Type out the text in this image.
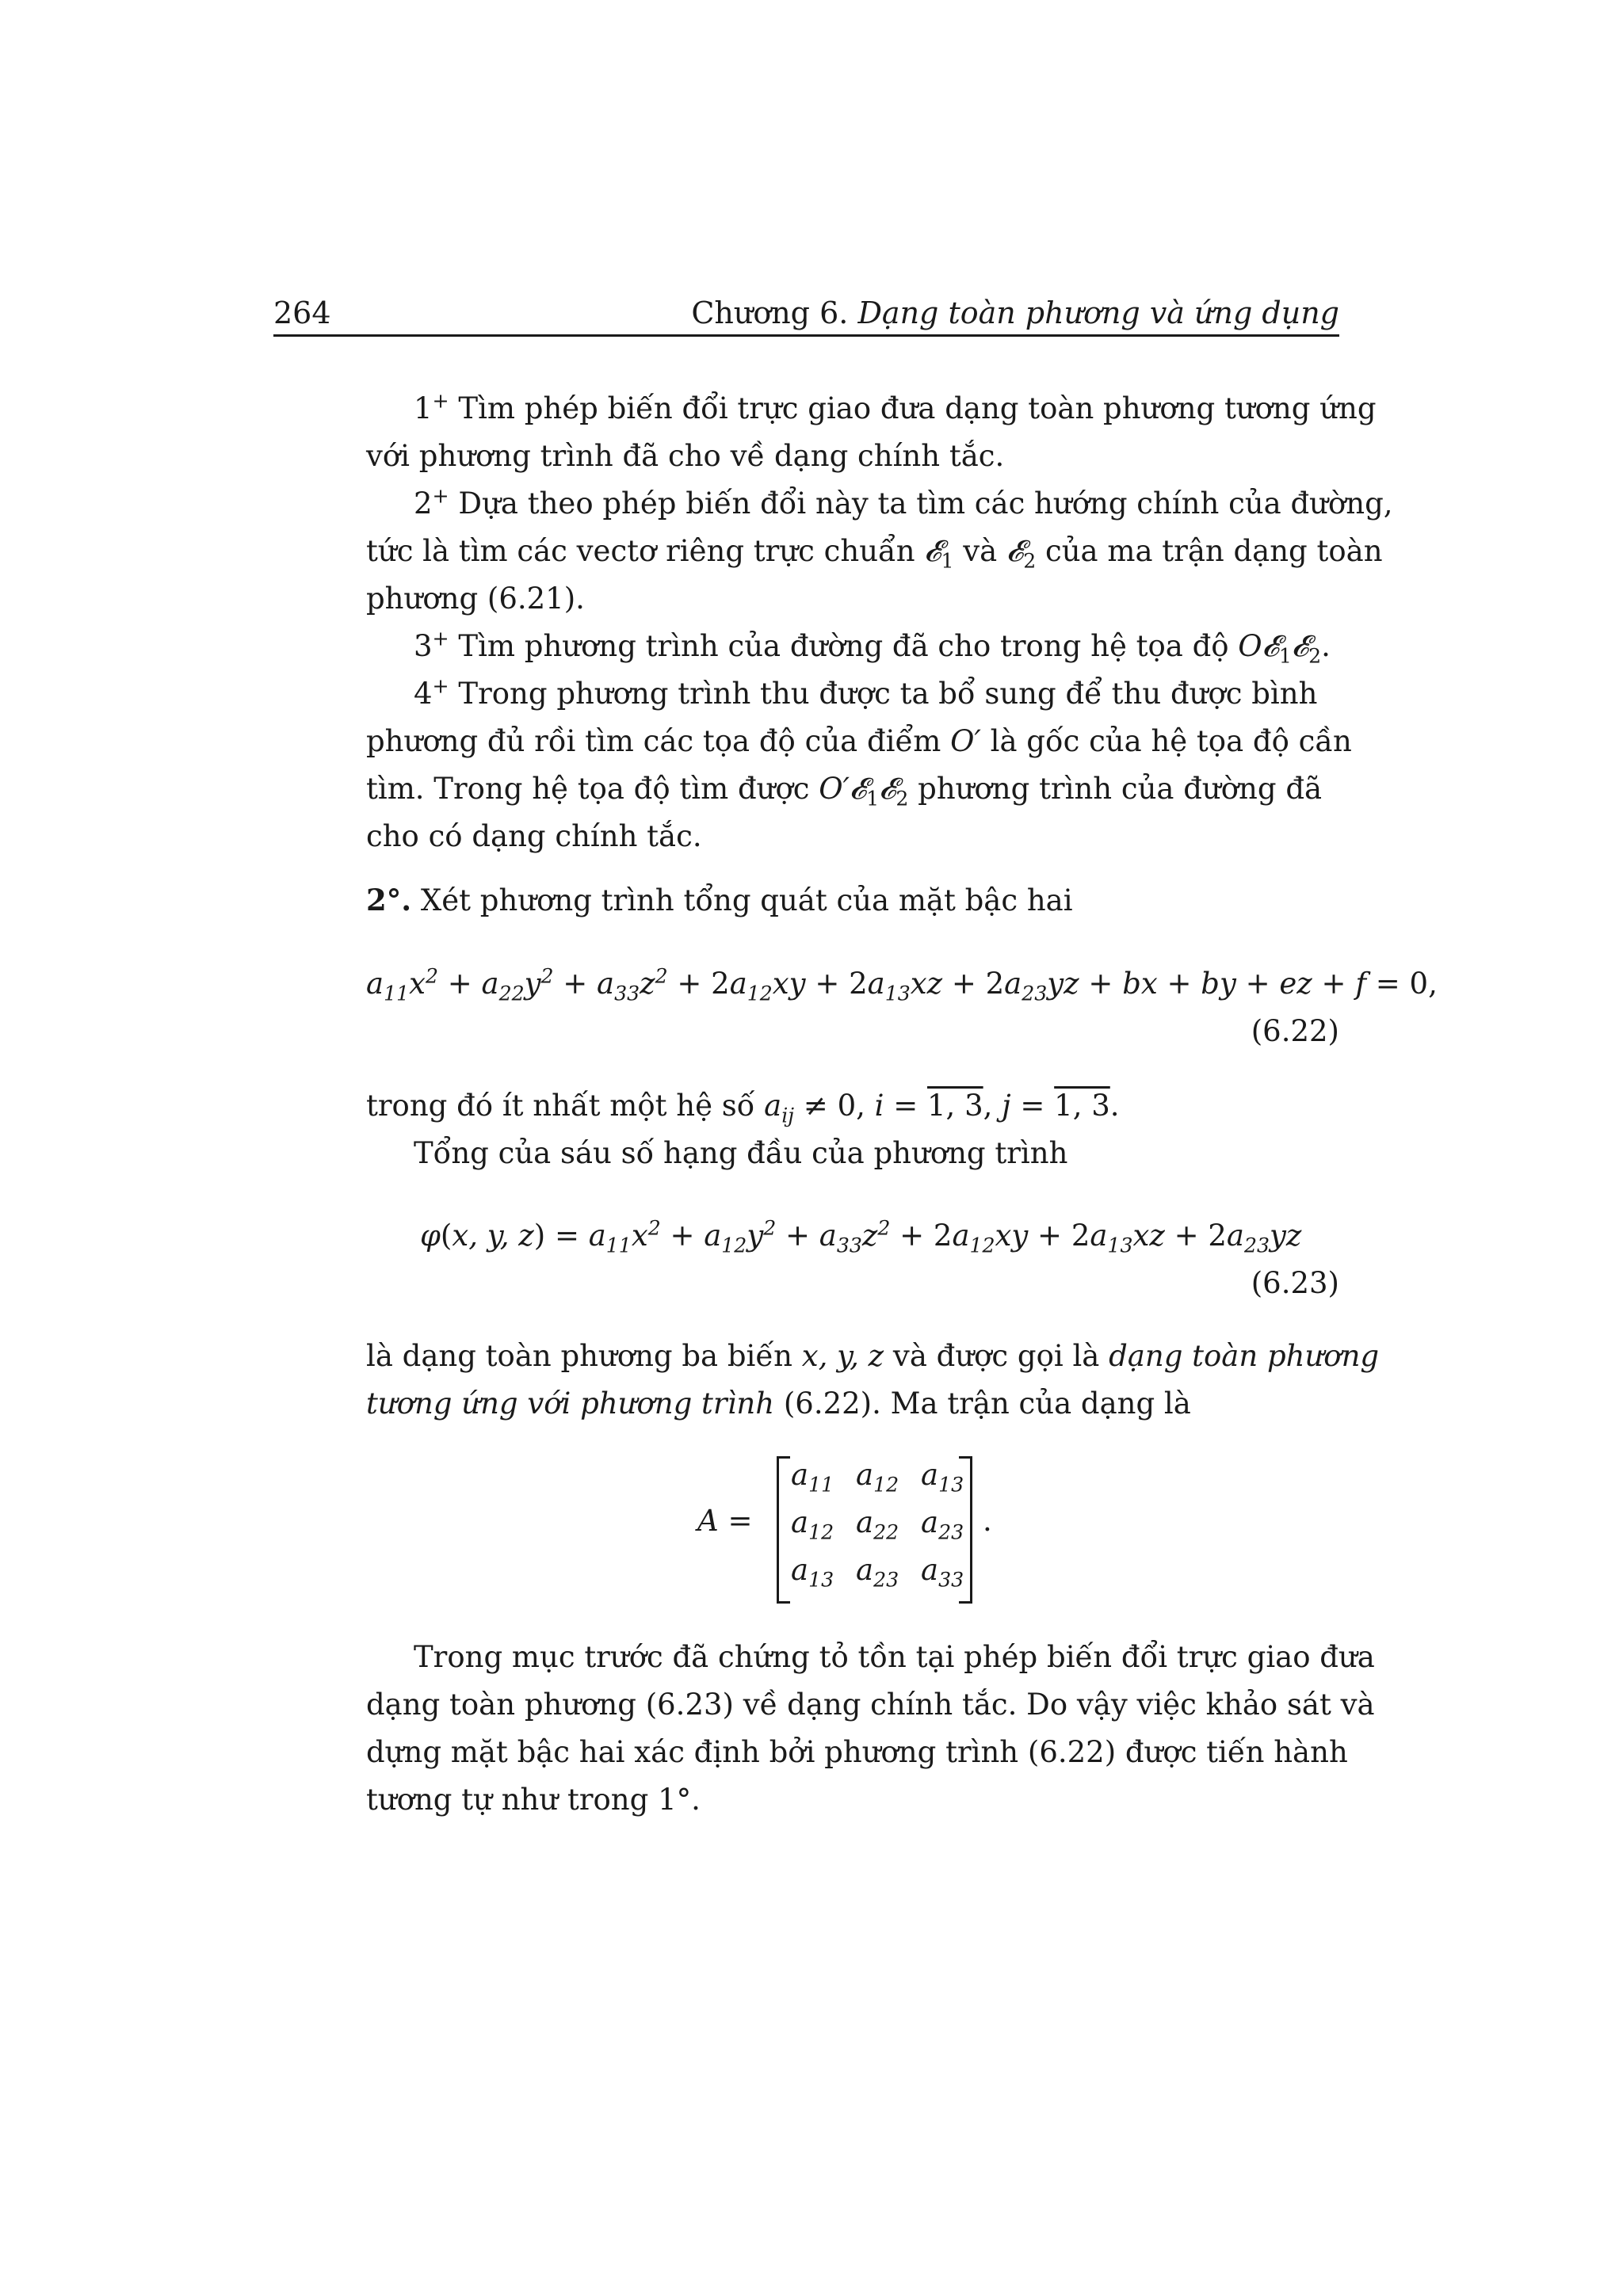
264	Chương 6. Dạng toàn phương và ứng dụng
1+ Tìm phép biến đổi trực giao đưa dạng toàn phương tương ứng
với phương trình đã cho về dạng chính tắc.
2+ Dựa theo phép biến đổi này ta tìm các hướng chính của đường,
tức là tìm các vectơ riêng trực chuẩn 𝓔$_1$ và 𝓔$_2$ của ma trận dạng toàn
phương (6.21).
3+ Tìm phương trình của đường đã cho trong hệ tọa độ O𝓔$_1$𝓔$_2$.
4+ Trong phương trình thu được ta bổ sung để thu được bình
phương đủ rồi tìm các tọa độ của điểm O′ là gốc của hệ tọa độ cần
tìm. Trong hệ tọa độ tìm được O′𝓔$_1$𝓔$_2$ phương trình của đường đã
cho có dạng chính tắc.
2°. Xét phương trình tổng quát của mặt bậc hai
$a_{11}x^2 + a_{22}y^2 + a_{33}z^2 + 2a_{12}xy + 2a_{13}xz + 2a_{23}yz$ + bx + by + ez + f = 0,
(6.22)
trong đó ít nhất một hệ số $a_{ij} \ne 0$, i = 1, 3, j = 1, 3.
Tổng của sáu số hạng đầu của phương trình
φ(x, y, $z) = a_{11}x^2 + a_{12}y^2 + a_{33}z^2 + 2a_{12}xy + 2a_{13}xz + 2a_{23}yz$
(6.23)
là dạng toàn phương ba biến x, y, z và được gọi là dạng toàn phương
tương ứng với phương trình (6.22). Ma trận của dạng là
A =
$a_{11}$ $a_{12}$ $a_{13}$
$a_{12}$ $a_{22}$ $a_{23}$
$a_{13}$ $a_{23}$ $a_{33}$
.
Trong mục trước đã chứng tỏ tồn tại phép biến đổi trực giao đưa
dạng toàn phương (6.23) về dạng chính tắc. Do vậy việc khảo sát và
dựng mặt bậc hai xác định bởi phương trình (6.22) được tiến hành
tương tự như trong 1°.
